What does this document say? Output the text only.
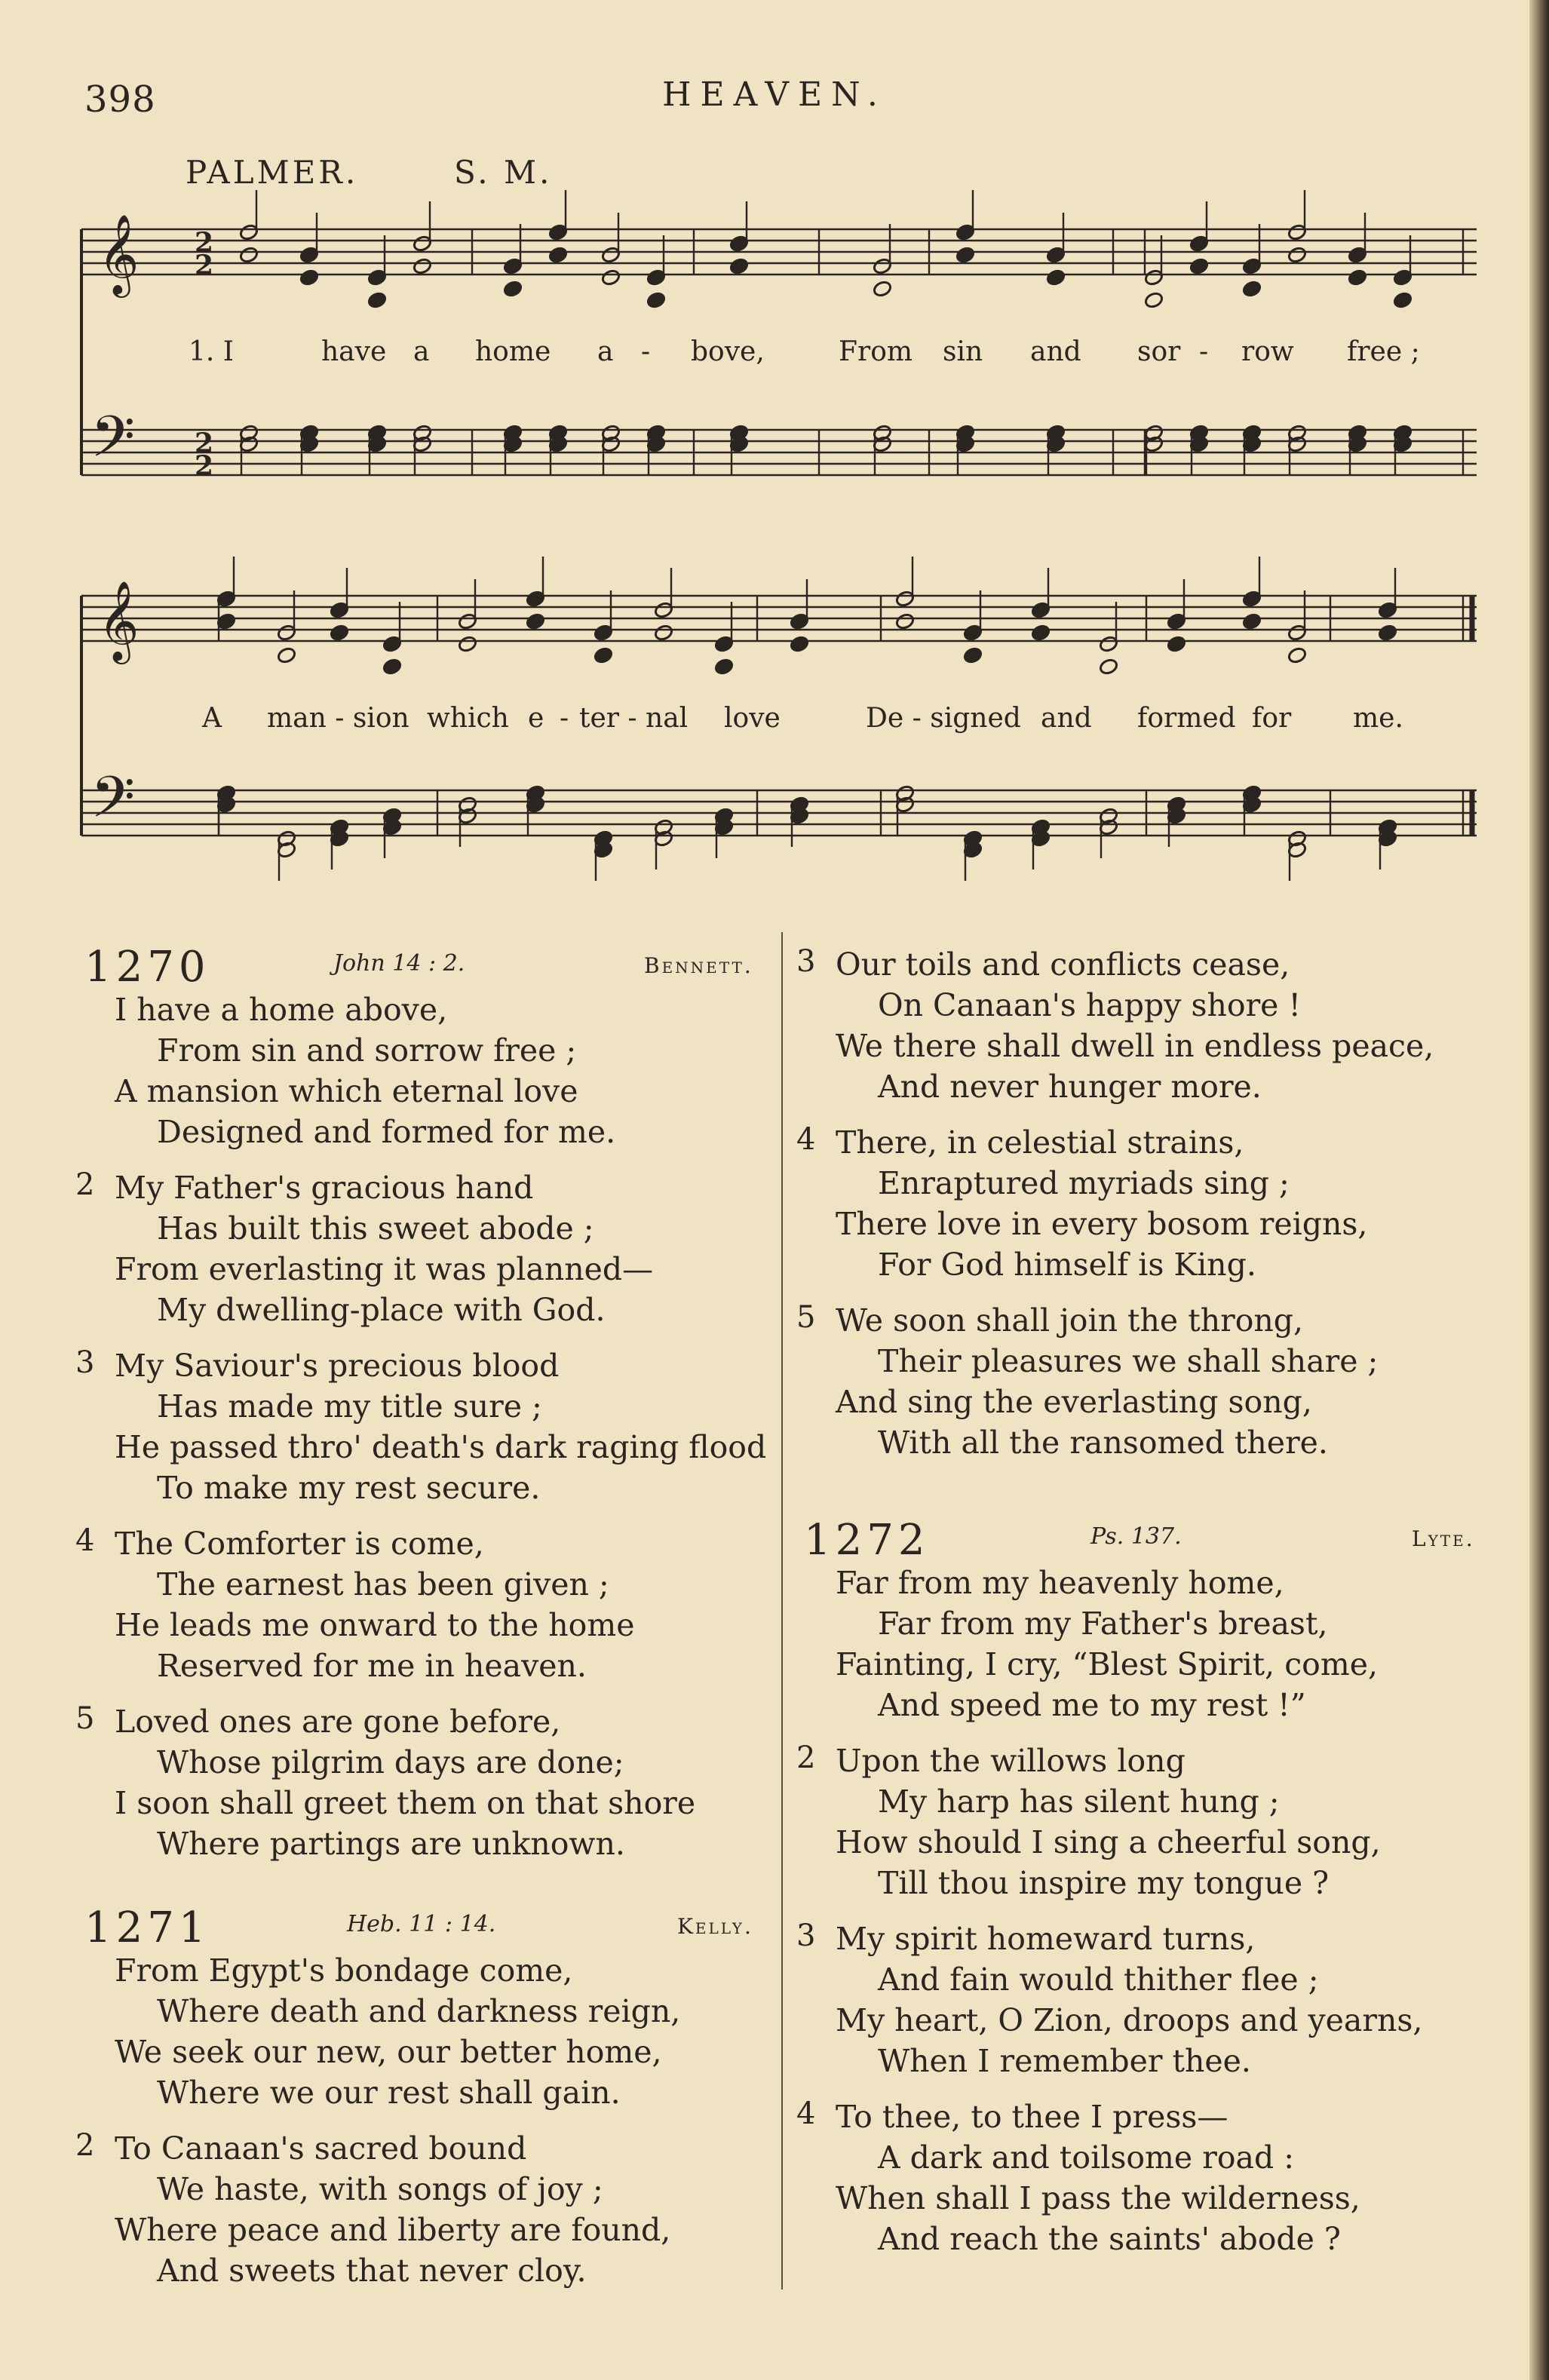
398	HEAVEN.
PALMER.	S. M.
𝄞
𝄢
𝄞
𝄢
2
2
2
2
1. I	have a home a - bove,	From sin and sor - row free ;
A man - sion which e - ter - nal love	De - signed and formed for me.
1270	John 14 : 2.	Bennett.
I have a home above,
From sin and sorrow free ;
A mansion which eternal love
Designed and formed for me.
2 My Father's gracious hand
Has built this sweet abode ;
From everlasting it was planned—
My dwelling-place with God.
3 My Saviour's precious blood
Has made my title sure ;
He passed thro' death's dark raging flood
To make my rest secure.
4 The Comforter is come,
The earnest has been given ;
He leads me onward to the home
Reserved for me in heaven.
5 Loved ones are gone before,
Whose pilgrim days are done;
I soon shall greet them on that shore
Where partings are unknown.
1271	Heb. 11 : 14.	Kelly.
From Egypt's bondage come,
Where death and darkness reign,
We seek our new, our better home,
Where we our rest shall gain.
2 To Canaan's sacred bound
We haste, with songs of joy ;
Where peace and liberty are found,
And sweets that never cloy.
3 Our toils and conflicts cease,
On Canaan's happy shore !
We there shall dwell in endless peace,
And never hunger more.
4 There, in celestial strains,
Enraptured myriads sing ;
There love in every bosom reigns,
For God himself is King.
5 We soon shall join the throng,
Their pleasures we shall share ;
And sing the everlasting song,
With all the ransomed there.
1272	Ps. 137.	Lyte.
Far from my heavenly home,
Far from my Father's breast,
Fainting, I cry, “Blest Spirit, come,
And speed me to my rest !”
2 Upon the willows long
My harp has silent hung ;
How should I sing a cheerful song,
Till thou inspire my tongue ?
3 My spirit homeward turns,
And fain would thither flee ;
My heart, O Zion, droops and yearns,
When I remember thee.
4 To thee, to thee I press—
A dark and toilsome road :
When shall I pass the wilderness,
And reach the saints' abode ?
